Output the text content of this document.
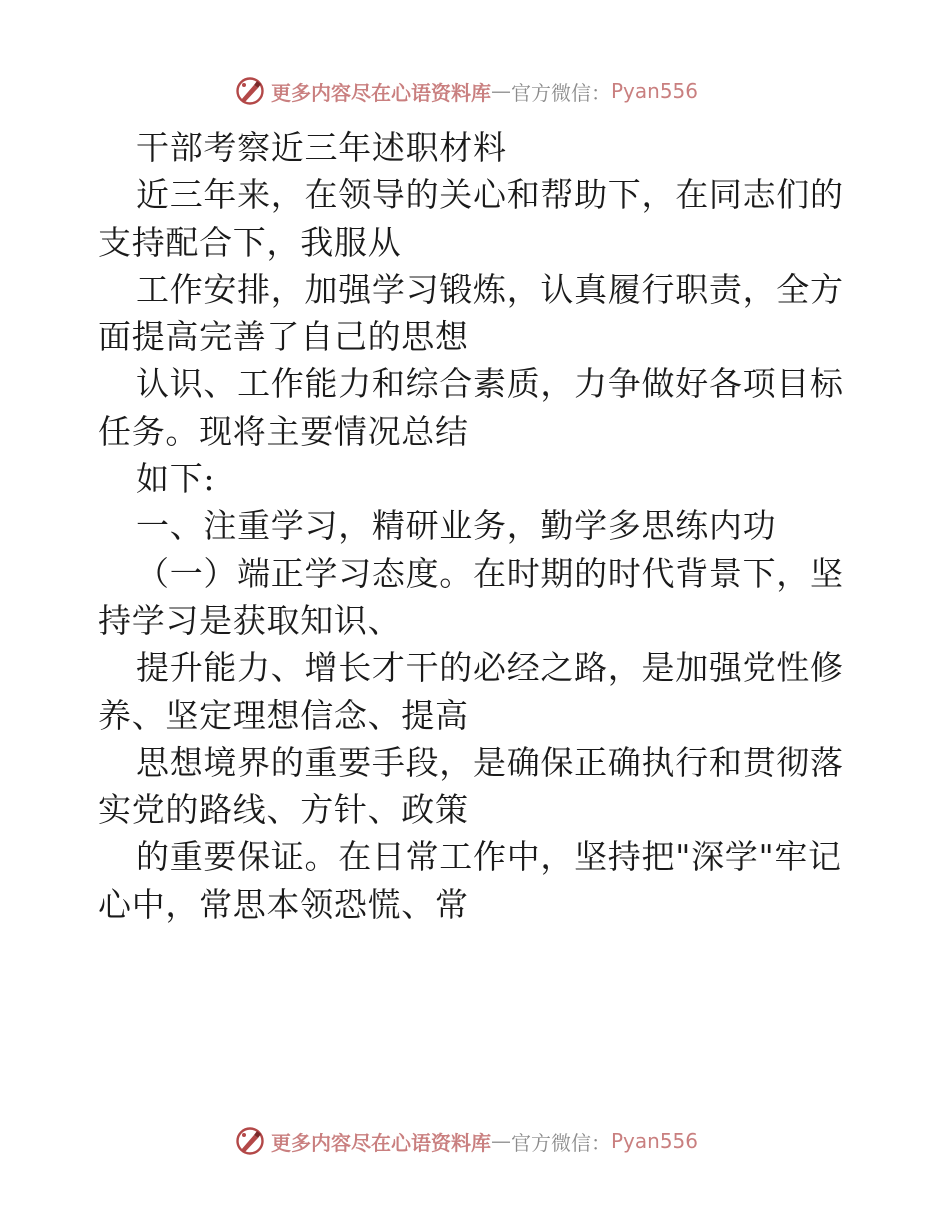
更多内容尽在心语资料库 — 官方微信： Pyan556
干部考察近三年述职材料
近三年来，在领导的关心和帮助下，在同志们的
支持配合下，我服从
工作安排，加强学习锻炼，认真履行职责，全方
面提高完善了自己的思想
认识、工作能力和综合素质，力争做好各项目标
任务。现将主要情况总结
如下:
一、注重学习，精研业务，勤学多思练内功
（一）端正学习态度。在时期的时代背景下，坚
持学习是获取知识、
提升能力、增长才干的必经之路，是加强党性修
养、坚定理想信念、提高
思想境界的重要手段，是确保正确执行和贯彻落
实党的路线、方针、政策
的重要保证。在日常工作中，坚持把"深学"牢记
心中，常思本领恐慌、常
更多内容尽在心语资料库 — 官方微信： Pyan556
